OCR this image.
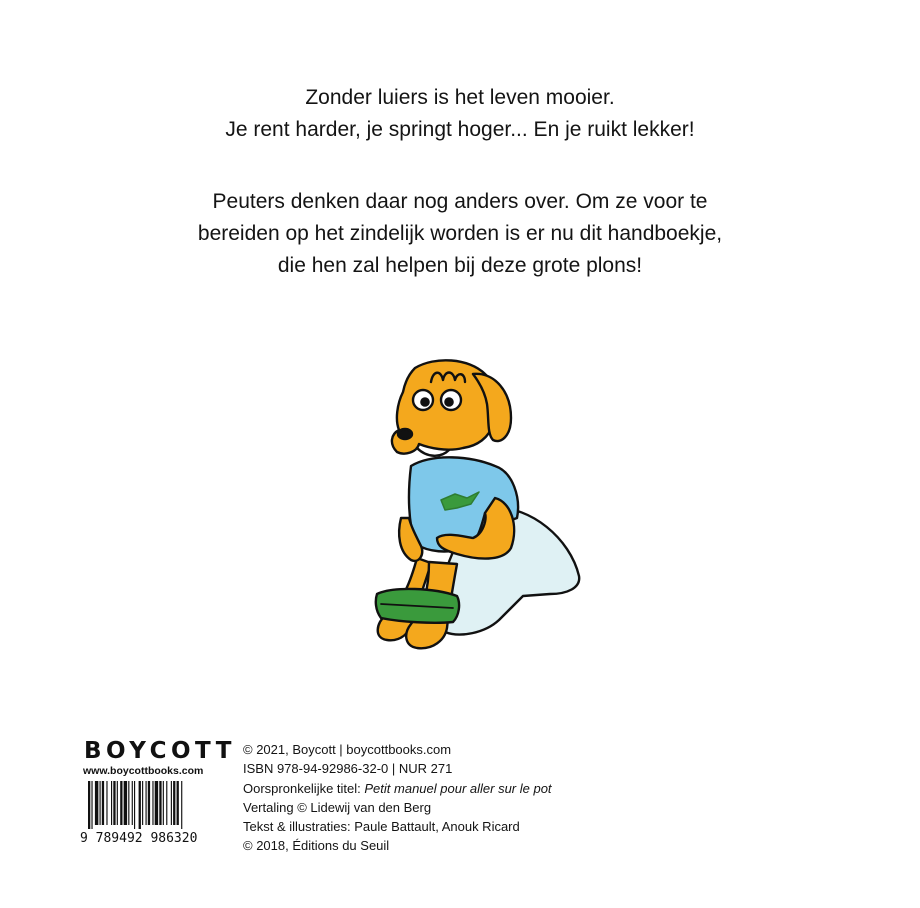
Zonder luiers is het leven mooier.

Je rent harder, je springt hoger... En je ruikt lekker!

Peuters denken daar nog anders over. Om ze voor te

bereiden op het zindelijk worden is er nu dit handboekje,

die hen zal helpen bij deze grote plons!

BOYCOTT
www.boycottbooks.com
9 789492 986320
© 2021, Boycott | boycottbooks.com
ISBN 978-94-92986-32-0 | NUR 271
Oorspronkelijke titel: Petit manuel pour aller sur le pot
Vertaling © Lidewij van den Berg
Tekst & illustraties: Paule Battault, Anouk Ricard
© 2018, Éditions du Seuil
